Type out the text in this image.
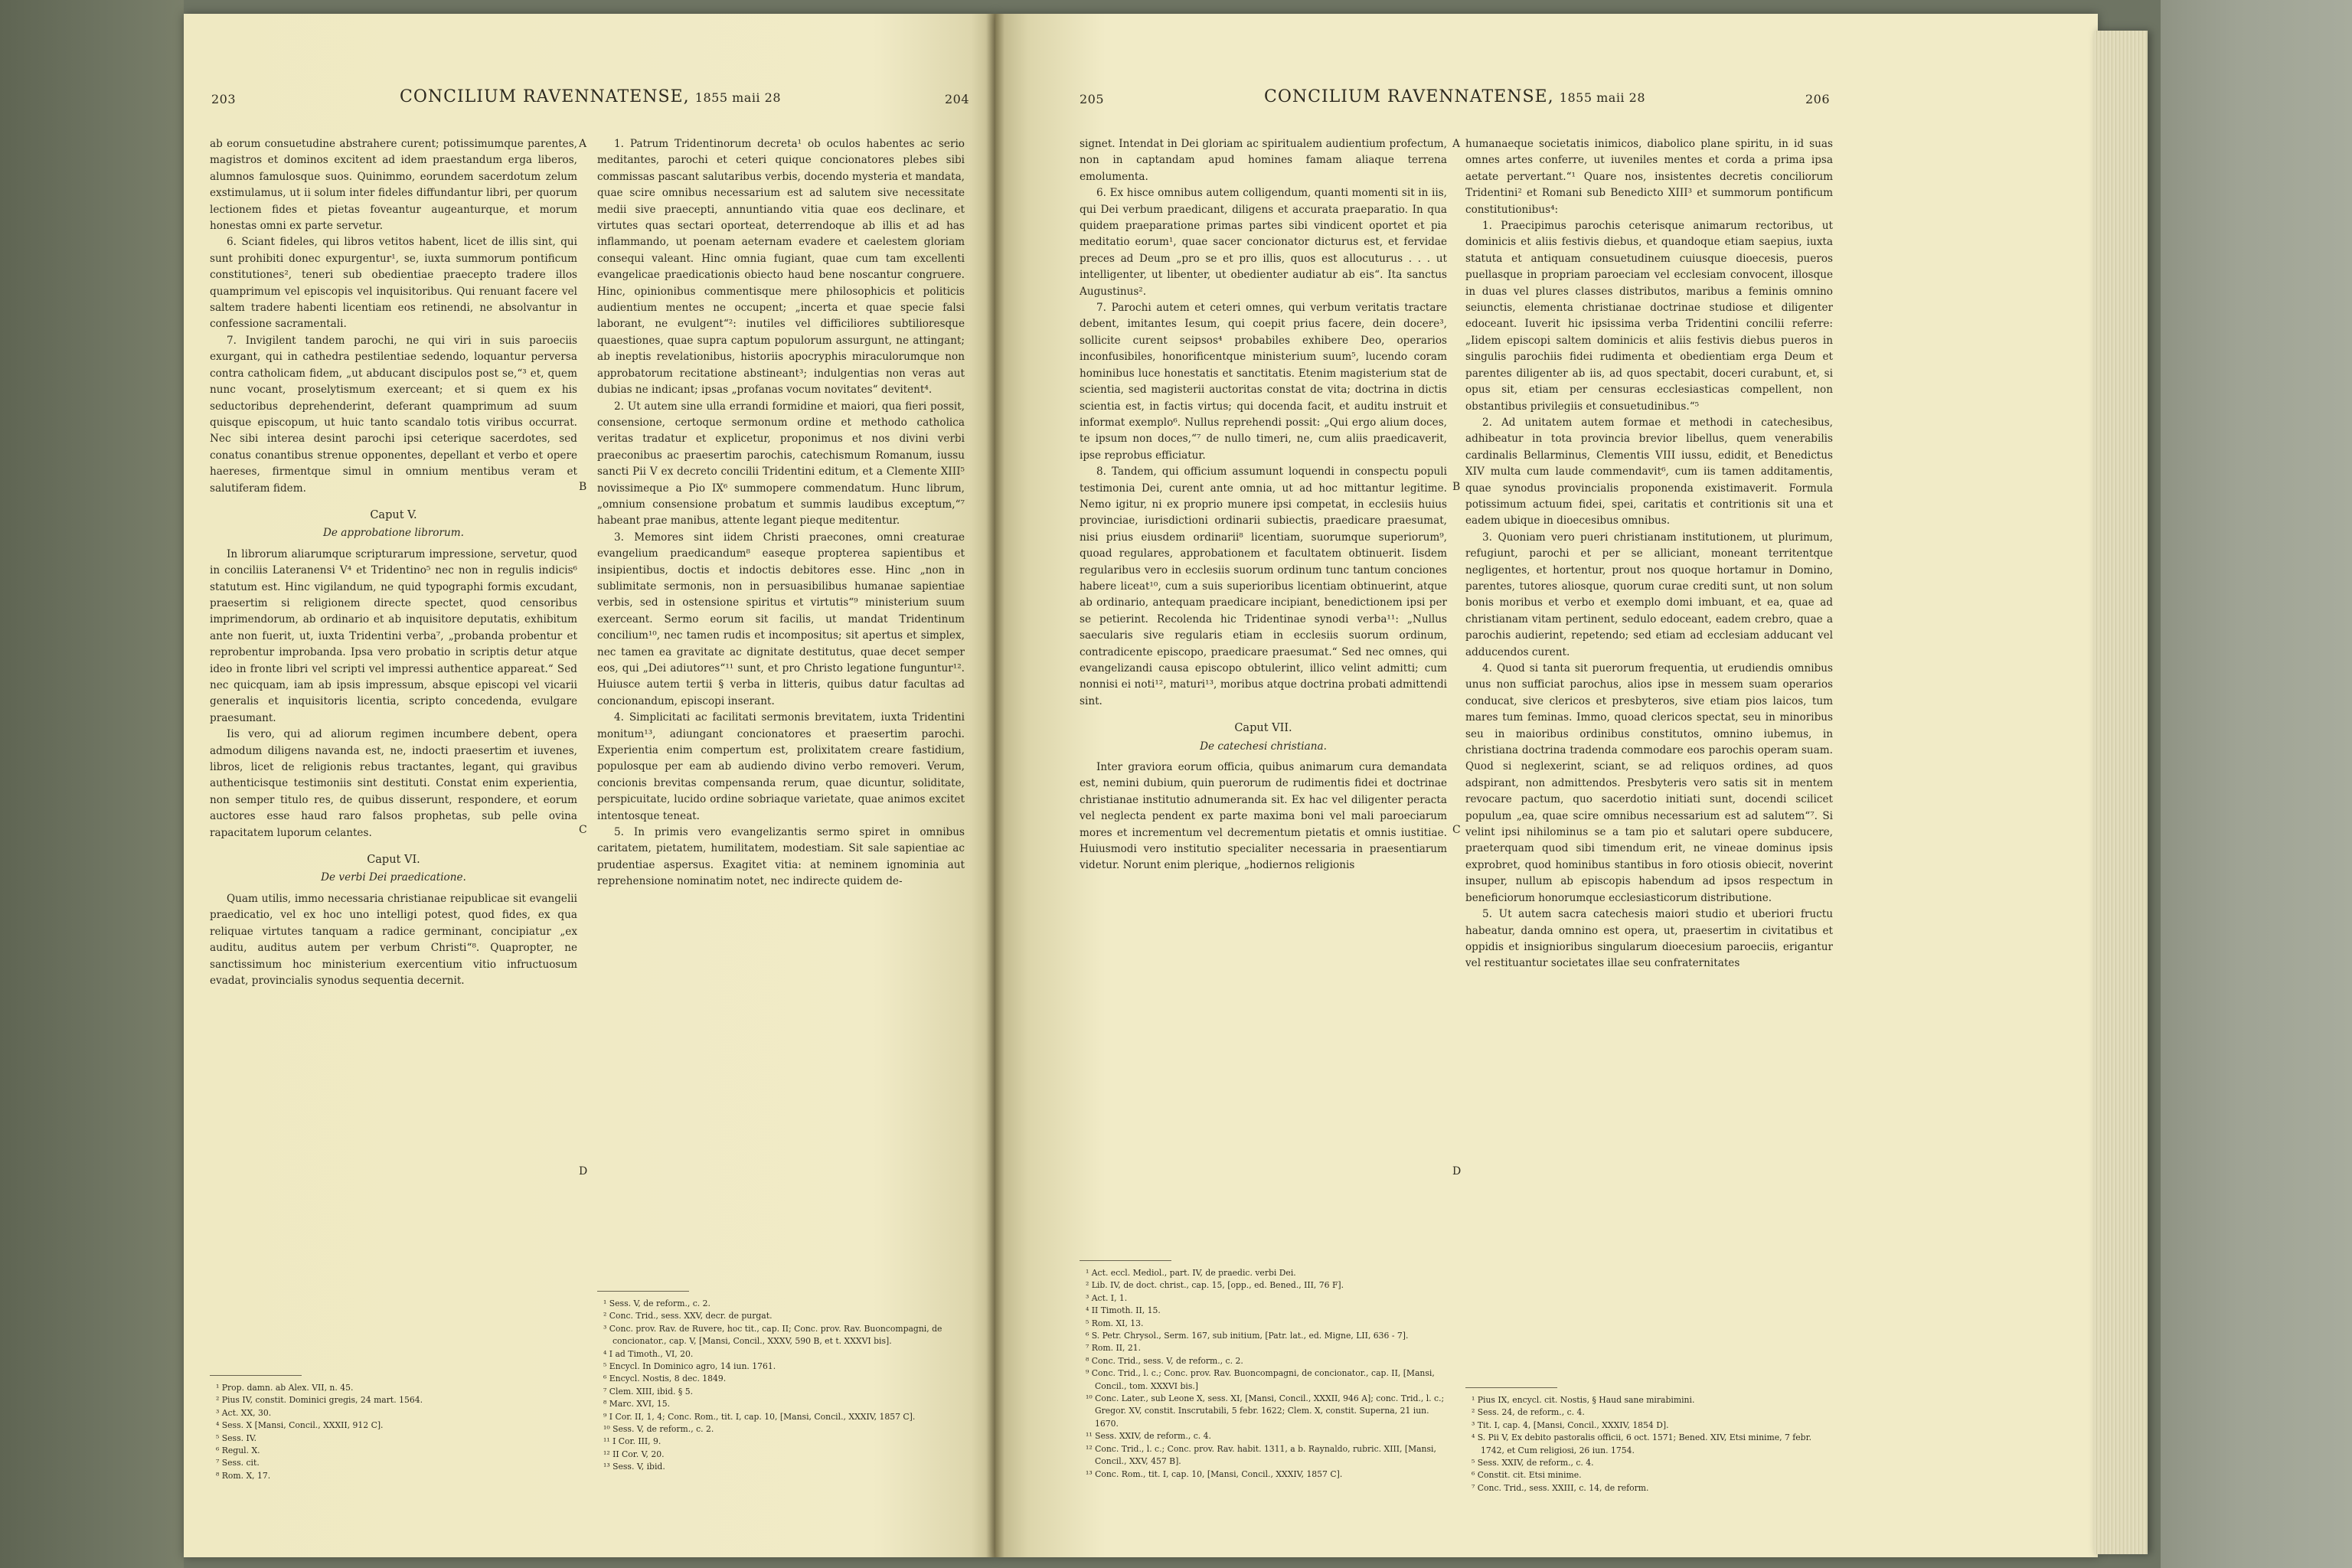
203	CONCILIUM RAVENNATENSE, 1855 maii 28	204

ab eorum consuetudine abstrahere curent; potissimumque parentes, magistros et dominos excitent ad idem praestandum erga liberos, alumnos famulosque suos. Quinimmo, eorundem sacerdotum zelum exstimulamus, ut ii solum inter fideles diffundantur libri, per quorum lectionem fides et pietas foveantur augeanturque, et morum honestas omni ex parte servetur.

6. Sciant fideles, qui libros vetitos habent, licet de illis sint, qui sunt prohibiti donec expurgentur¹, se, iuxta summorum pontificum constitutiones², teneri sub obedientiae praecepto tradere illos quamprimum vel episcopis vel inquisitoribus. Qui renuant facere vel saltem tradere habenti licentiam eos retinendi, ne absolvantur in confessione sacramentali.

7. Invigilent tandem parochi, ne qui viri in suis paroeciis exurgant, qui in cathedra pestilentiae sedendo, loquantur perversa contra catholicam fidem, „ut abducant discipulos post se,“³ et, quem nunc vocant, proselytismum exerceant; et si quem ex his seductoribus deprehenderint, deferant quamprimum ad suum quisque episcopum, ut huic tanto scandalo totis viribus occurrat. Nec sibi interea desint parochi ipsi ceterique sacerdotes, sed conatus conantibus strenue opponentes, depellant et verbo et opere haereses, firmentque simul in omnium mentibus veram et salutiferam fidem.

Caput V.
De approbatione librorum.

In librorum aliarumque scripturarum impressione, servetur, quod in conciliis Lateranensi V⁴ et Tridentino⁵ nec non in regulis indicis⁶ statutum est. Hinc vigilandum, ne quid typographi formis excudant, praesertim si religionem directe spectet, quod censoribus imprimendorum, ab ordinario et ab inquisitore deputatis, exhibitum ante non fuerit, ut, iuxta Tridentini verba⁷, „probanda probentur et reprobentur improbanda. Ipsa vero probatio in scriptis detur atque ideo in fronte libri vel scripti vel impressi authentice appareat.“ Sed nec quicquam, iam ab ipsis impressum, absque episcopi vel vicarii generalis et inquisitoris licentia, scripto concedenda, evulgare praesumant.

Iis vero, qui ad aliorum regimen incumbere debent, opera admodum diligens navanda est, ne, indocti praesertim et iuvenes, libros, licet de religionis rebus tractantes, legant, qui gravibus authenticisque testimoniis sint destituti. Constat enim experientia, non semper titulo res, de quibus disserunt, respondere, et eorum auctores esse haud raro falsos prophetas, sub pelle ovina rapacitatem luporum celantes.

Caput VI.
De verbi Dei praedicatione.

Quam utilis, immo necessaria christianae reipublicae sit evangelii praedicatio, vel ex hoc uno intelligi potest, quod fides, ex qua reliquae virtutes tanquam a radice germinant, concipiatur „ex auditu, auditus autem per verbum Christi“⁸. Quapropter, ne sanctissimum hoc ministerium exercentium vitio infructuosum evadat, provincialis synodus sequentia decernit.

¹ Prop. damn. ab Alex. VII, n. 45.
² Pius IV, constit. Dominici gregis, 24 mart. 1564.
³ Act. XX, 30.
⁴ Sess. X [Mansi, Concil., XXXII, 912 C].
⁵ Sess. IV.
⁶ Regul. X.
⁷ Sess. cit.
⁸ Rom. X, 17.
A
B
C
D

1. Patrum Tridentinorum decreta¹ ob oculos habentes ac serio meditantes, parochi et ceteri quique concionatores plebes sibi commissas pascant salutaribus verbis, docendo mysteria et mandata, quae scire omnibus necessarium est ad salutem sive necessitate medii sive praecepti, annuntiando vitia quae eos declinare, et virtutes quas sectari oporteat, deterrendoque ab illis et ad has inflammando, ut poenam aeternam evadere et caelestem gloriam consequi valeant. Hinc omnia fugiant, quae cum tam excellenti evangelicae praedicationis obiecto haud bene noscantur congruere. Hinc, opinionibus commentisque mere philosophicis et politicis audientium mentes ne occupent; „incerta et quae specie falsi laborant, ne evulgent“²: inutiles vel difficiliores subtilioresque quaestiones, quae supra captum populorum assurgunt, ne attingant; ab ineptis revelationibus, historiis apocryphis miraculorumque non approbatorum recitatione abstineant³; indulgentias non veras aut dubias ne indicant; ipsas „profanas vocum novitates“ devitent⁴.

2. Ut autem sine ulla errandi formidine et maiori, qua fieri possit, consensione, certoque sermonum ordine et methodo catholica veritas tradatur et explicetur, proponimus et nos divini verbi praeconibus ac praesertim parochis, catechismum Romanum, iussu sancti Pii V ex decreto concilii Tridentini editum, et a Clemente XIII⁵ novissimeque a Pio IX⁶ summopere commendatum. Hunc librum, „omnium consensione probatum et summis laudibus exceptum,“⁷ habeant prae manibus, attente legant pieque meditentur.

3. Memores sint iidem Christi praecones, omni creaturae evangelium praedicandum⁸ easeque propterea sapientibus et insipientibus, doctis et indoctis debitores esse. Hinc „non in sublimitate sermonis, non in persuasibilibus humanae sapientiae verbis, sed in ostensione spiritus et virtutis“⁹ ministerium suum exerceant. Sermo eorum sit facilis, ut mandat Tridentinum concilium¹⁰, nec tamen rudis et incompositus; sit apertus et simplex, nec tamen ea gravitate ac dignitate destitutus, quae decet semper eos, qui „Dei adiutores“¹¹ sunt, et pro Christo legatione funguntur¹². Huiusce autem tertii § verba in litteris, quibus datur facultas ad concionandum, episcopi inserant.

4. Simplicitati ac facilitati sermonis brevitatem, iuxta Tridentini monitum¹³, adiungant concionatores et praesertim parochi. Experientia enim compertum est, prolixitatem creare fastidium, populosque per eam ab audiendo divino verbo removeri. Verum, concionis brevitas compensanda rerum, quae dicuntur, soliditate, perspicuitate, lucido ordine sobriaque varietate, quae animos excitet intentosque teneat.

5. In primis vero evangelizantis sermo spiret in omnibus caritatem, pietatem, humilitatem, modestiam. Sit sale sapientiae ac prudentiae aspersus. Exagitet vitia: at neminem ignominia aut reprehensione nominatim notet, nec indirecte quidem de-

¹ Sess. V, de reform., c. 2.
² Conc. Trid., sess. XXV, decr. de purgat.
³ Conc. prov. Rav. de Ruvere, hoc tit., cap. II; Conc. prov. Rav. Buoncompagni, de concionator., cap. V, [Mansi, Concil., XXXV, 590 B, et t. XXXVI bis].
⁴ I ad Timoth., VI, 20.
⁵ Encycl. In Dominico agro, 14 iun. 1761.
⁶ Encycl. Nostis, 8 dec. 1849.
⁷ Clem. XIII, ibid. § 5.
⁸ Marc. XVI, 15.
⁹ I Cor. II, 1, 4; Conc. Rom., tit. I, cap. 10, [Mansi, Concil., XXXIV, 1857 C].
¹⁰ Sess. V, de reform., c. 2.
¹¹ I Cor. III, 9.
¹² II Cor. V, 20.
¹³ Sess. V, ibid.
205	CONCILIUM RAVENNATENSE, 1855 maii 28	206
A
B
C
D

signet. Intendat in Dei gloriam ac spiritualem audientium profectum, non in captandam apud homines famam aliaque terrena emolumenta.

6. Ex hisce omnibus autem colligendum, quanti momenti sit in iis, qui Dei verbum praedicant, diligens et accurata praeparatio. In qua quidem praeparatione primas partes sibi vindicent oportet et pia meditatio eorum¹, quae sacer concionator dicturus est, et fervidae preces ad Deum „pro se et pro illis, quos est allocuturus . . . ut intelligenter, ut libenter, ut obedienter audiatur ab eis“. Ita sanctus Augustinus².

7. Parochi autem et ceteri omnes, qui verbum veritatis tractare debent, imitantes Iesum, qui coepit prius facere, dein docere³, sollicite curent seipsos⁴ probabiles exhibere Deo, operarios inconfusibiles, honorificentque ministerium suum⁵, lucendo coram hominibus luce honestatis et sanctitatis. Etenim magisterium stat de scientia, sed magisterii auctoritas constat de vita; doctrina in dictis scientia est, in factis virtus; qui docenda facit, et auditu instruit et informat exemplo⁶. Nullus reprehendi possit: „Qui ergo alium doces, te ipsum non doces,“⁷ de nullo timeri, ne, cum aliis praedicaverit, ipse reprobus efficiatur.

8. Tandem, qui officium assumunt loquendi in conspectu populi testimonia Dei, curent ante omnia, ut ad hoc mittantur legitime. Nemo igitur, ni ex proprio munere ipsi competat, in ecclesiis huius provinciae, iurisdictioni ordinarii subiectis, praedicare praesumat, nisi prius eiusdem ordinarii⁸ licentiam, suorumque superiorum⁹, quoad regulares, approbationem et facultatem obtinuerit. Iisdem regularibus vero in ecclesiis suorum ordinum tunc tantum conciones habere liceat¹⁰, cum a suis superioribus licentiam obtinuerint, atque ab ordinario, antequam praedicare incipiant, benedictionem ipsi per se petierint. Recolenda hic Tridentinae synodi verba¹¹: „Nullus saecularis sive regularis etiam in ecclesiis suorum ordinum, contradicente episcopo, praedicare praesumat.“ Sed nec omnes, qui evangelizandi causa episcopo obtulerint, illico velint admitti; cum nonnisi ei noti¹², maturi¹³, moribus atque doctrina probati admittendi sint.

Caput VII.
De catechesi christiana.

Inter graviora eorum officia, quibus animarum cura demandata est, nemini dubium, quin puerorum de rudimentis fidei et doctrinae christianae institutio adnumeranda sit. Ex hac vel diligenter peracta vel neglecta pendent ex parte maxima boni vel mali paroeciarum mores et incrementum vel decrementum pietatis et omnis iustitiae. Huiusmodi vero institutio specialiter necessaria in praesentiarum videtur. Norunt enim plerique, „hodiernos religionis

¹ Act. eccl. Mediol., part. IV, de praedic. verbi Dei.
² Lib. IV, de doct. christ., cap. 15, [opp., ed. Bened., III, 76 F].
³ Act. I, 1.
⁴ II Timoth. II, 15.
⁵ Rom. XI, 13.
⁶ S. Petr. Chrysol., Serm. 167, sub initium, [Patr. lat., ed. Migne, LII, 636 - 7].
⁷ Rom. II, 21.
⁸ Conc. Trid., sess. V, de reform., c. 2.
⁹ Conc. Trid., l. c.; Conc. prov. Rav. Buoncompagni, de concionator., cap. II, [Mansi, Concil., tom. XXXVI bis.]
¹⁰ Conc. Later., sub Leone X, sess. XI, [Mansi, Concil., XXXII, 946 A]; conc. Trid., l. c.; Gregor. XV, constit. Inscrutabili, 5 febr. 1622; Clem. X, constit. Superna, 21 iun. 1670.
¹¹ Sess. XXIV, de reform., c. 4.
¹² Conc. Trid., l. c.; Conc. prov. Rav. habit. 1311, a b. Raynaldo, rubric. XIII, [Mansi, Concil., XXV, 457 B].
¹³ Conc. Rom., tit. I, cap. 10, [Mansi, Concil., XXXIV, 1857 C].

humanaeque societatis inimicos, diabolico plane spiritu, in id suas omnes artes conferre, ut iuveniles mentes et corda a prima ipsa aetate pervertant.“¹ Quare nos, insistentes decretis conciliorum Tridentini² et Romani sub Benedicto XIII³ et summorum pontificum constitutionibus⁴:

1. Praecipimus parochis ceterisque animarum rectoribus, ut dominicis et aliis festivis diebus, et quandoque etiam saepius, iuxta statuta et antiquam consuetudinem cuiusque dioecesis, pueros puellasque in propriam paroeciam vel ecclesiam convocent, illosque in duas vel plures classes distributos, maribus a feminis omnino seiunctis, elementa christianae doctrinae studiose et diligenter edoceant. Iuverit hic ipsissima verba Tridentini concilii referre: „Iidem episcopi saltem dominicis et aliis festivis diebus pueros in singulis parochiis fidei rudimenta et obedientiam erga Deum et parentes diligenter ab iis, ad quos spectabit, doceri curabunt, et, si opus sit, etiam per censuras ecclesiasticas compellent, non obstantibus privilegiis et consuetudinibus.“⁵

2. Ad unitatem autem formae et methodi in catechesibus, adhibeatur in tota provincia brevior libellus, quem venerabilis cardinalis Bellarminus, Clementis VIII iussu, edidit, et Benedictus XIV multa cum laude commendavit⁶, cum iis tamen additamentis, quae synodus provincialis proponenda existimaverit. Formula potissimum actuum fidei, spei, caritatis et contritionis sit una et eadem ubique in dioecesibus omnibus.

3. Quoniam vero pueri christianam institutionem, ut plurimum, refugiunt, parochi et per se alliciant, moneant territentque negligentes, et hortentur, prout nos quoque hortamur in Domino, parentes, tutores aliosque, quorum curae crediti sunt, ut non solum bonis moribus et verbo et exemplo domi imbuant, et ea, quae ad christianam vitam pertinent, sedulo edoceant, eadem crebro, quae a parochis audierint, repetendo; sed etiam ad ecclesiam adducant vel adducendos curent.

4. Quod si tanta sit puerorum frequentia, ut erudiendis omnibus unus non sufficiat parochus, alios ipse in messem suam operarios conducat, sive clericos et presbyteros, sive etiam pios laicos, tum mares tum feminas. Immo, quoad clericos spectat, seu in minoribus seu in maioribus ordinibus constitutos, omnino iubemus, in christiana doctrina tradenda commodare eos parochis operam suam. Quod si neglexerint, sciant, se ad reliquos ordines, ad quos adspirant, non admittendos. Presbyteris vero satis sit in mentem revocare pactum, quo sacerdotio initiati sunt, docendi scilicet populum „ea, quae scire omnibus necessarium est ad salutem“⁷. Si velint ipsi nihilominus se a tam pio et salutari opere subducere, praeterquam quod sibi timendum erit, ne vineae dominus ipsis exprobret, quod hominibus stantibus in foro otiosis obiecit, noverint insuper, nullum ab episcopis habendum ad ipsos respectum in beneficiorum honorumque ecclesiasticorum distributione.

5. Ut autem sacra catechesis maiori studio et uberiori fructu habeatur, danda omnino est opera, ut, praesertim in civitatibus et oppidis et insignioribus singularum dioecesium paroeciis, erigantur vel restituantur societates illae seu confraternitates

¹ Pius IX, encycl. cit. Nostis, § Haud sane mirabimini.
² Sess. 24, de reform., c. 4.
³ Tit. I, cap. 4, [Mansi, Concil., XXXIV, 1854 D].
⁴ S. Pii V, Ex debito pastoralis officii, 6 oct. 1571; Bened. XIV, Etsi minime, 7 febr. 1742, et Cum religiosi, 26 iun. 1754.
⁵ Sess. XXIV, de reform., c. 4.
⁶ Constit. cit. Etsi minime.
⁷ Conc. Trid., sess. XXIII, c. 14, de reform.
